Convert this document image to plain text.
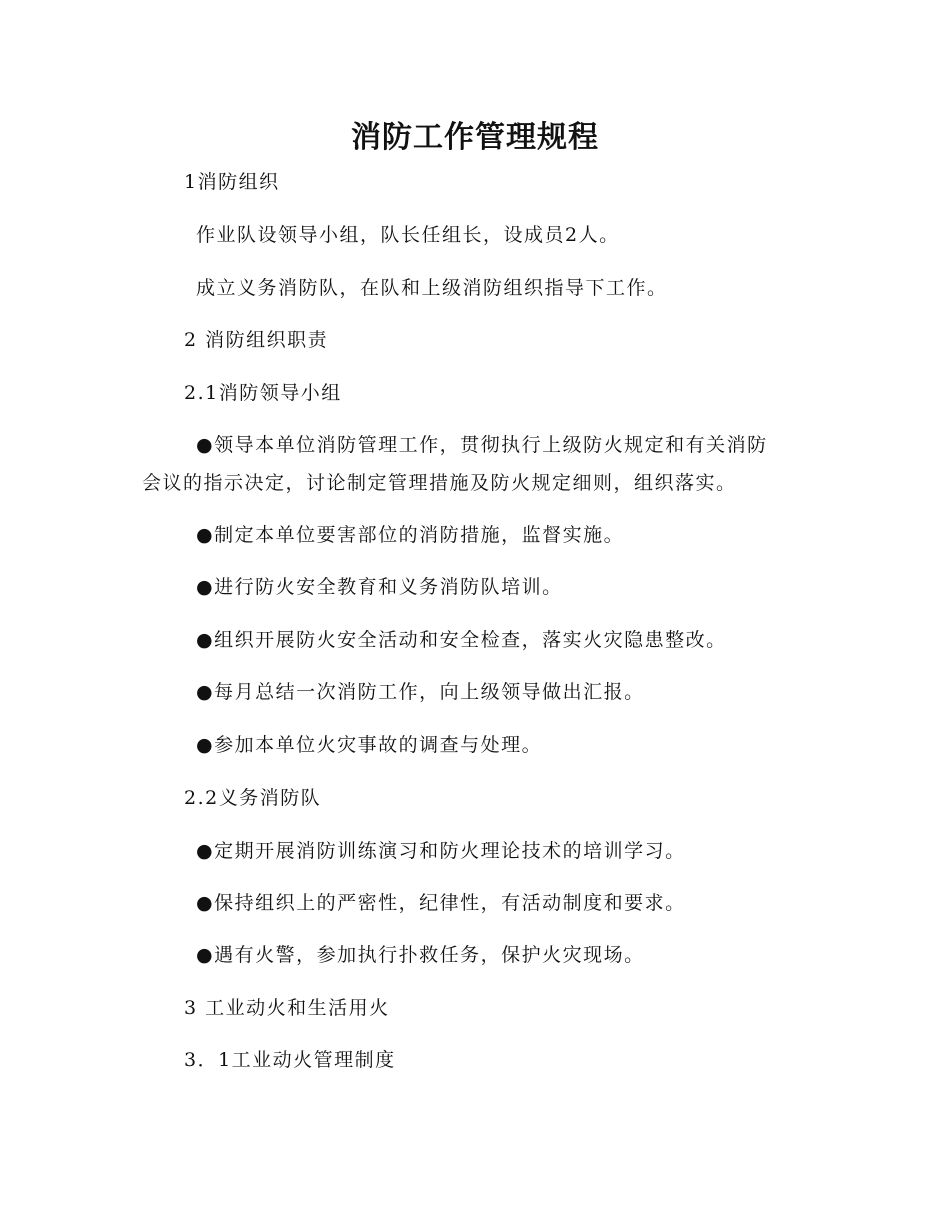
消防工作管理规程
1消防组织
作业队设领导小组，队长任组长，设成员2人。
成立义务消防队，在队和上级消防组织指导下工作。
2 消防组织职责
2.1消防领导小组
●领导本单位消防管理工作，贯彻执行上级防火规定和有关消防
会议的指示决定，讨论制定管理措施及防火规定细则，组织落实。
●制定本单位要害部位的消防措施，监督实施。
●进行防火安全教育和义务消防队培训。
●组织开展防火安全活动和安全检查，落实火灾隐患整改。
●每月总结一次消防工作，向上级领导做出汇报。
●参加本单位火灾事故的调查与处理。
2.2义务消防队
●定期开展消防训练演习和防火理论技术的培训学习。
●保持组织上的严密性，纪律性，有活动制度和要求。
●遇有火警，参加执行扑救任务，保护火灾现场。
3 工业动火和生活用火
3．1工业动火管理制度
